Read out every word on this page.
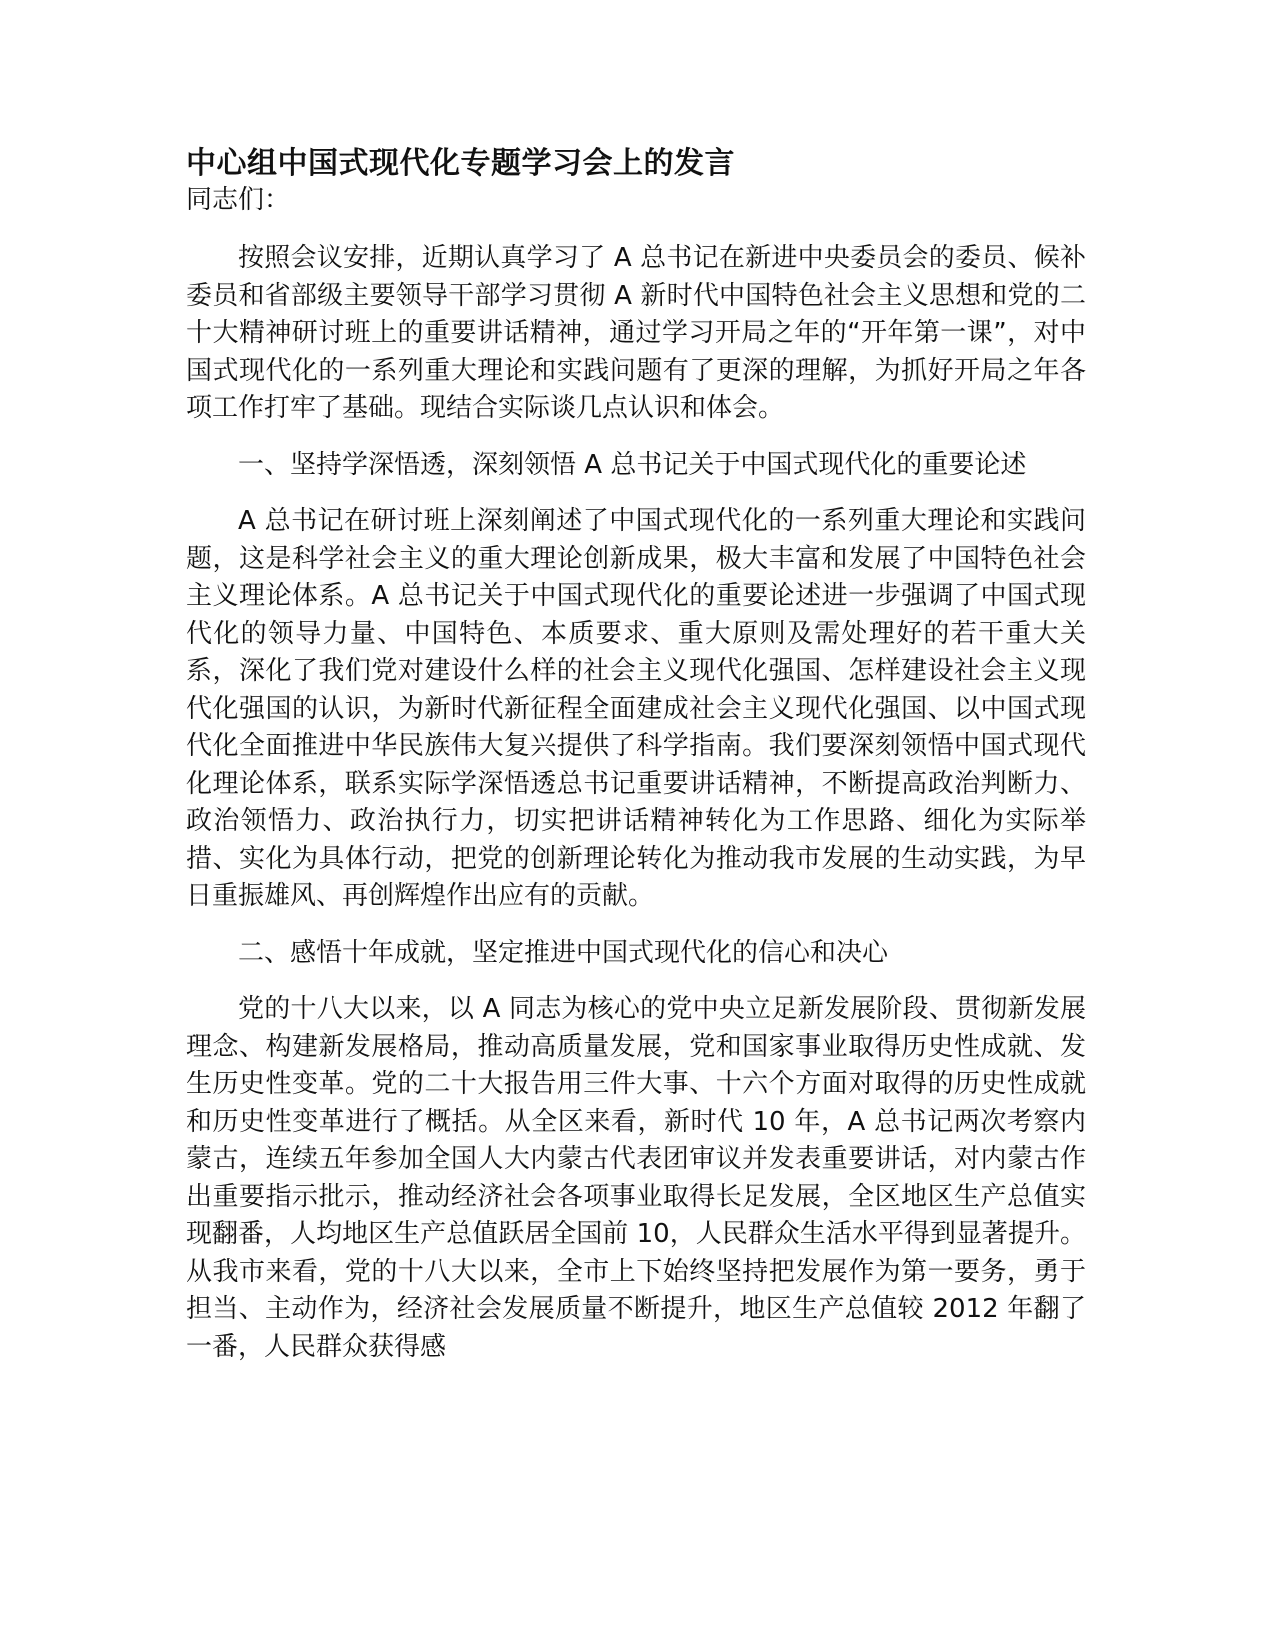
中心组中国式现代化专题学习会上的发言

同志们：

按照会议安排，近期认真学习了 A 总书记在新进中央委员会的委员、候补委员和省部级主要领导干部学习贯彻 A 新时代中国特色社会主义思想和党的二十大精神研讨班上的重要讲话精神，通过学习开局之年的“开年第一课”，对中国式现代化的一系列重大理论和实践问题有了更深的理解，为抓好开局之年各项工作打牢了基础。现结合实际谈几点认识和体会。

一、坚持学深悟透，深刻领悟 A 总书记关于中国式现代化的重要论述

A 总书记在研讨班上深刻阐述了中国式现代化的一系列重大理论和实践问题，这是科学社会主义的重大理论创新成果，极大丰富和发展了中国特色社会主义理论体系。A 总书记关于中国式现代化的重要论述进一步强调了中国式现代化的领导力量、中国特色、本质要求、重大原则及需处理好的若干重大关系，深化了我们党对建设什么样的社会主义现代化强国、怎样建设社会主义现代化强国的认识，为新时代新征程全面建成社会主义现代化强国、以中国式现代化全面推进中华民族伟大复兴提供了科学指南。我们要深刻领悟中国式现代化理论体系，联系实际学深悟透总书记重要讲话精神，不断提高政治判断力、政治领悟力、政治执行力，切实把讲话精神转化为工作思路、细化为实际举措、实化为具体行动，把党的创新理论转化为推动我市发展的生动实践，为早日重振雄风、再创辉煌作出应有的贡献。

二、感悟十年成就，坚定推进中国式现代化的信心和决心

党的十八大以来，以 A 同志为核心的党中央立足新发展阶段、贯彻新发展理念、构建新发展格局，推动高质量发展，党和国家事业取得历史性成就、发生历史性变革。党的二十大报告用三件大事、十六个方面对取得的历史性成就和历史性变革进行了概括。从全区来看，新时代 10 年，A 总书记两次考察内蒙古，连续五年参加全国人大内蒙古代表团审议并发表重要讲话，对内蒙古作出重要指示批示，推动经济社会各项事业取得长足发展，全区地区生产总值实现翻番，人均地区生产总值跃居全国前 10，人民群众生活水平得到显著提升。从我市来看，党的十八大以来，全市上下始终坚持把发展作为第一要务，勇于担当、主动作为，经济社会发展质量不断提升，地区生产总值较 2012 年翻了一番，人民群众获得感
